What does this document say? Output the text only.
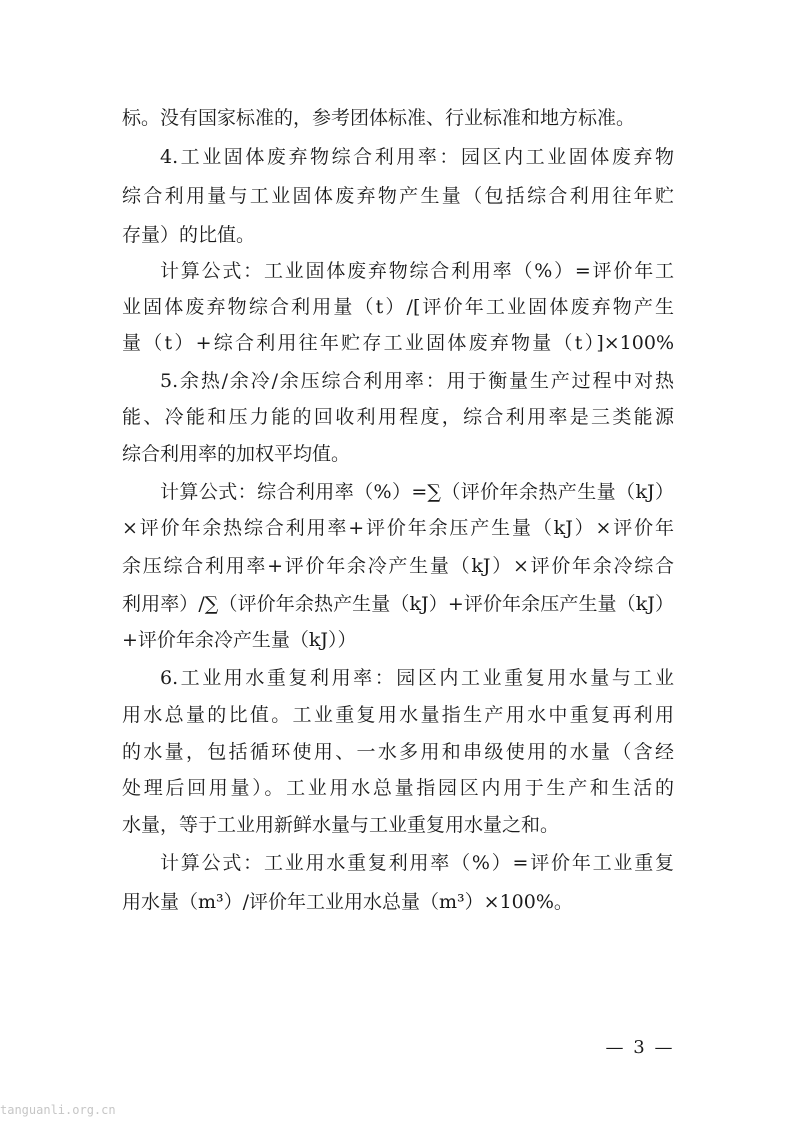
标。没有国家标准的，参考团体标准、行业标准和地方标准。
4.工业固体废弃物综合利用率：园区内工业固体废弃物
综合利用量与工业固体废弃物产生量（包括综合利用往年贮
存量）的比值。
计算公式：工业固体废弃物综合利用率（%）=评价年工
业固体废弃物综合利用量（t）/[评价年工业固体废弃物产生
量（t）+综合利用往年贮存工业固体废弃物量（t）]×100%
5.余热/余冷/余压综合利用率：用于衡量生产过程中对热
能、冷能和压力能的回收利用程度，综合利用率是三类能源
综合利用率的加权平均值。
计算公式：综合利用率（%）=∑（评价年余热产生量（kJ）
×评价年余热综合利用率+评价年余压产生量（kJ）×评价年
余压综合利用率+评价年余冷产生量（kJ）×评价年余冷综合
利用率）/∑（评价年余热产生量（kJ）+评价年余压产生量（kJ）
+评价年余冷产生量（kJ））
6.工业用水重复利用率：园区内工业重复用水量与工业
用水总量的比值。工业重复用水量指生产用水中重复再利用
的水量，包括循环使用、一水多用和串级使用的水量（含经
处理后回用量）。工业用水总量指园区内用于生产和生活的
水量，等于工业用新鲜水量与工业重复用水量之和。
计算公式：工业用水重复利用率（%）=评价年工业重复
用水量（m³）/评价年工业用水总量（m³）×100%。
— 3 —
tanguanli.org.cn
